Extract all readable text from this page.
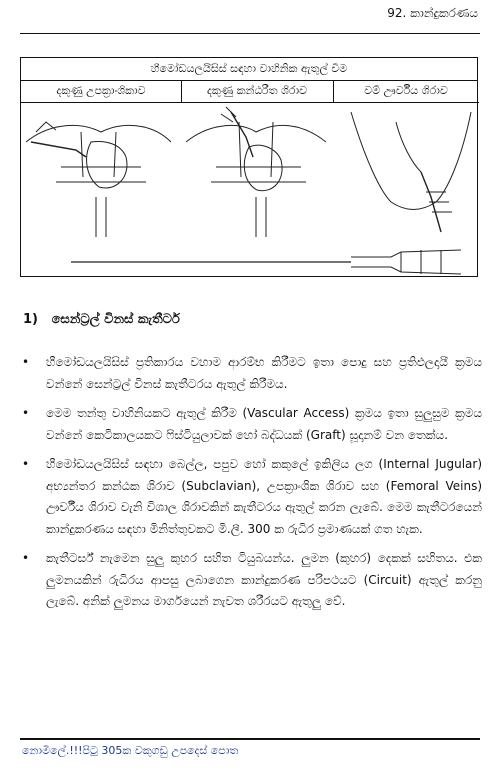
92. කාන්දුකරණය
හීමෝඩයලයිසිස් සඳහා වාහිනික ඇතුල් වීම
දකුණු උපක්‍රාංශිකාව	දකුණු කන්ඨරීත ශිරාව	වම් ඌර්වීය ශිරාව
1) සෙන්ට්‍රල් විනස් කැතීටර්
• හීමෝඩයලයිසිස් ප්‍රතිකාරය වහාම ආරම්භ කිරීමට ඉතා පොදු සහ ප්‍රතිඵලදායී ක්‍රමය වන්නේ සෙන්ට්‍රල් විනස් කැතීටරය ඇතුල් කිරීමය.
• මෙම තන්තු වාහිනියකට ඇතුල් කිරීම (Vascular Access) ක්‍රමය ඉතා සුලුසුම ක්‍රමය වන්නේ කෙටිකාලයකට ෆිස්ටියුලාවක් හෝ බද්ධයක් (Graft) සූදානම් වන තෙක්ය.
• හීමෝඩයලයිසිස් සඳහා බෙල්ල, පපුව හෝ කකුලේ ඉකිලිය ලග (Internal Jugular) අභ්‍යන්තර කන්ඨක ශිරාව (Subclavian), උපක්‍රාංශික ශිරාව සහ (Femoral Veins) ඌර්වීය ශිරාව වැනි විශාල ශිරාවකින් කැතීටරය ඇතුල් කරන ලැබේ. මෙම කැතීටරයෙන් කාන්දුකරණය සඳහා මිනිත්තුවකට මි.ලී. 300 ක රුධිර ප්‍රමාණයක් ගත හැක.
• කැතීටර්ස් නැමෙන සුලු කුහර සහිත ටියුබයන්ය. ලුමන (කුහර) දෙකක් සහිතය. එක ලුමනයකින් රුධිරය ආපසු ලබාගෙන කාන්දුකරණ පරිපථයට (Circuit) ඇතුල් කරනු ලැබේ. අනික් ලුමනය මාර්ගයෙන් නැවත ශරීරයට ඇතුලු වේ.
නොමිලේ.!!!පිටු 305ක වකුගඩු උපදෙස් පොත
